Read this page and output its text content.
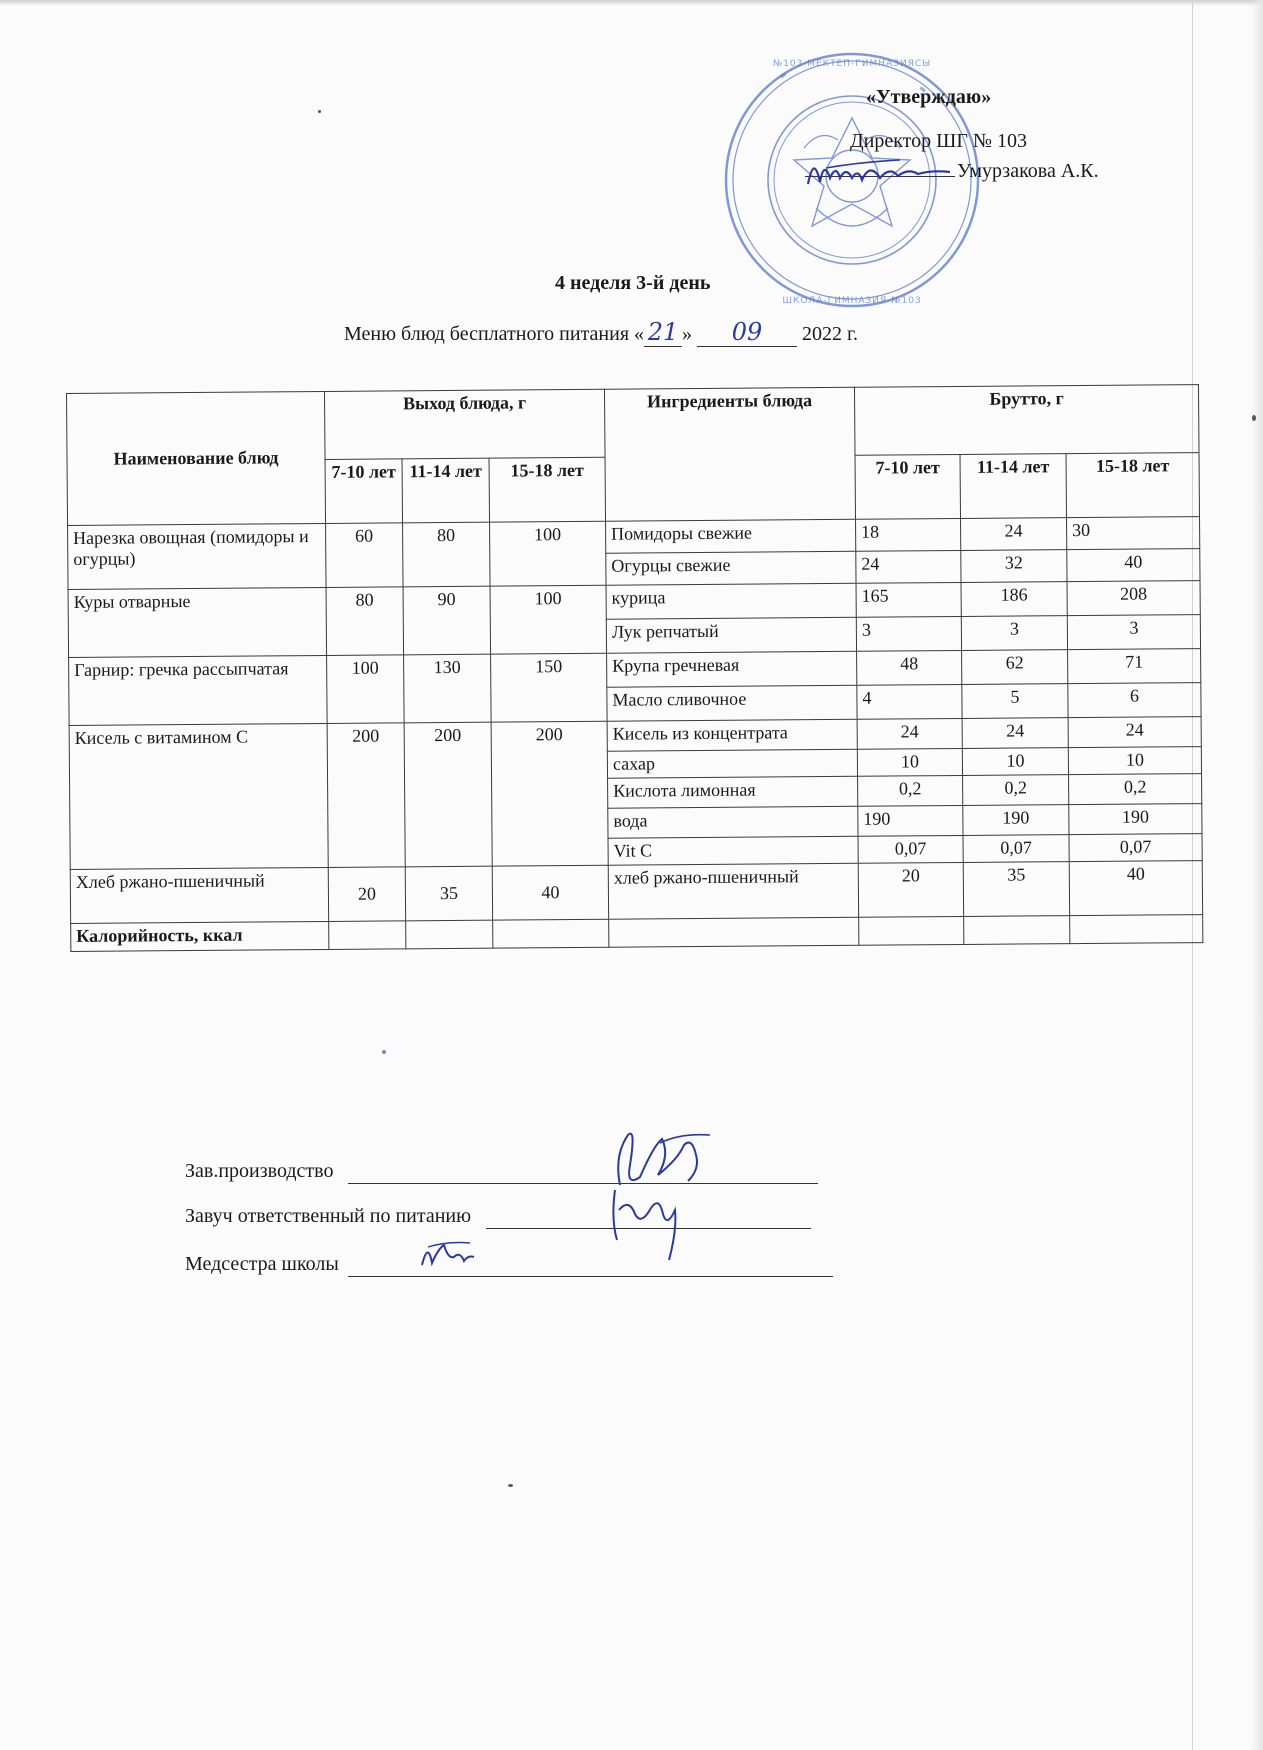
№103 МЕКТЕП-ГИМНАЗИЯСЫ
ШКОЛА-ГИМНАЗИЯ №103
«Утверждаю»
Директор ШГ № 103
Умурзакова А.К.
4 неделя 3-й день
Меню блюд бесплатного питания « 21 » 09 2022 г.
Наименование блюд	Выход блюда, г			Ингредиенты блюда	Брутто, г		
	7-10 лет	11-14 лет	15-18 лет		7-10 лет	11-14 лет	15-18 лет
Нарезка овощная (помидоры и огурцы)	60	80	100	Помидоры свежие	18	24	30
				Огурцы свежие	24	32	40
Куры отварные	80	90	100	курица	165	186	208
				Лук репчатый	3	3	3
Гарнир: гречка рассыпчатая	100	130	150	Крупа гречневая	48	62	71
				Масло сливочное	4	5	6
Кисель с витамином С	200	200	200	Кисель из концентрата	24	24	24
				сахар	10	10	10
				Кислота лимонная	0,2	0,2	0,2
				вода	190	190	190
				Vit C	0,07	0,07	0,07
Хлеб ржано-пшеничный	20	35	40	хлеб ржано-пшеничный	20	35	40
Калорийность, ккал							
Зав.производство
Завуч ответственный по питанию
Медсестра школы
